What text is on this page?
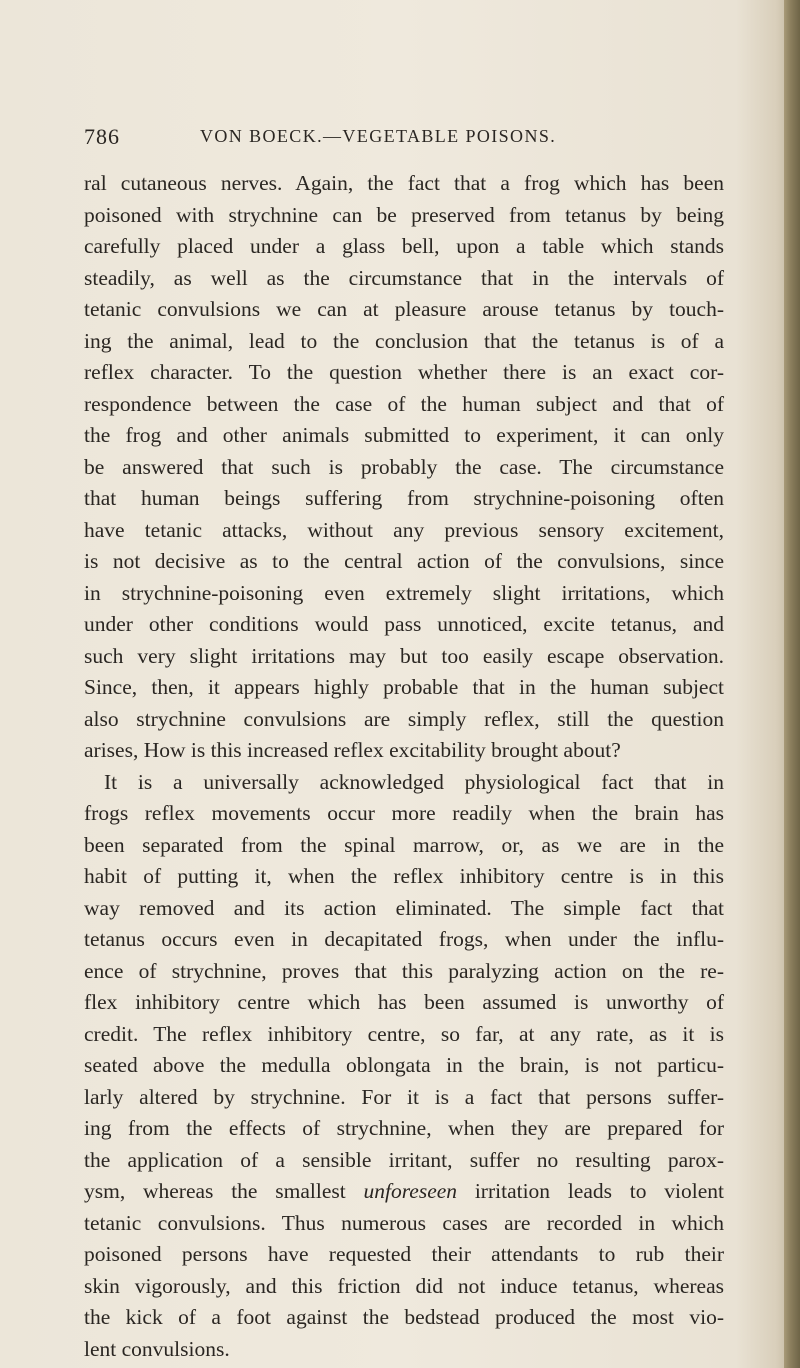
786	VON BOECK.—VEGETABLE POISONS.
ral cutaneous nerves. Again, the fact that a frog which has been
poisoned with strychnine can be preserved from tetanus by being
carefully placed under a glass bell, upon a table which stands
steadily, as well as the circumstance that in the intervals of
tetanic convulsions we can at pleasure arouse tetanus by touch-
ing the animal, lead to the conclusion that the tetanus is of a
reflex character. To the question whether there is an exact cor-
respondence between the case of the human subject and that of
the frog and other animals submitted to experiment, it can only
be answered that such is probably the case. The circumstance
that human beings suffering from strychnine-poisoning often
have tetanic attacks, without any previous sensory excitement,
is not decisive as to the central action of the convulsions, since
in strychnine-poisoning even extremely slight irritations, which
under other conditions would pass unnoticed, excite tetanus, and
such very slight irritations may but too easily escape observation.
Since, then, it appears highly probable that in the human subject
also strychnine convulsions are simply reflex, still the question
arises, How is this increased reflex excitability brought about?
It is a universally acknowledged physiological fact that in
frogs reflex movements occur more readily when the brain has
been separated from the spinal marrow, or, as we are in the
habit of putting it, when the reflex inhibitory centre is in this
way removed and its action eliminated. The simple fact that
tetanus occurs even in decapitated frogs, when under the influ-
ence of strychnine, proves that this paralyzing action on the re-
flex inhibitory centre which has been assumed is unworthy of
credit. The reflex inhibitory centre, so far, at any rate, as it is
seated above the medulla oblongata in the brain, is not particu-
larly altered by strychnine. For it is a fact that persons suffer-
ing from the effects of strychnine, when they are prepared for
the application of a sensible irritant, suffer no resulting parox-
ysm, whereas the smallest unforeseen irritation leads to violent
tetanic convulsions. Thus numerous cases are recorded in which
poisoned persons have requested their attendants to rub their
skin vigorously, and this friction did not induce tetanus, whereas
the kick of a foot against the bedstead produced the most vio-
lent convulsions.
